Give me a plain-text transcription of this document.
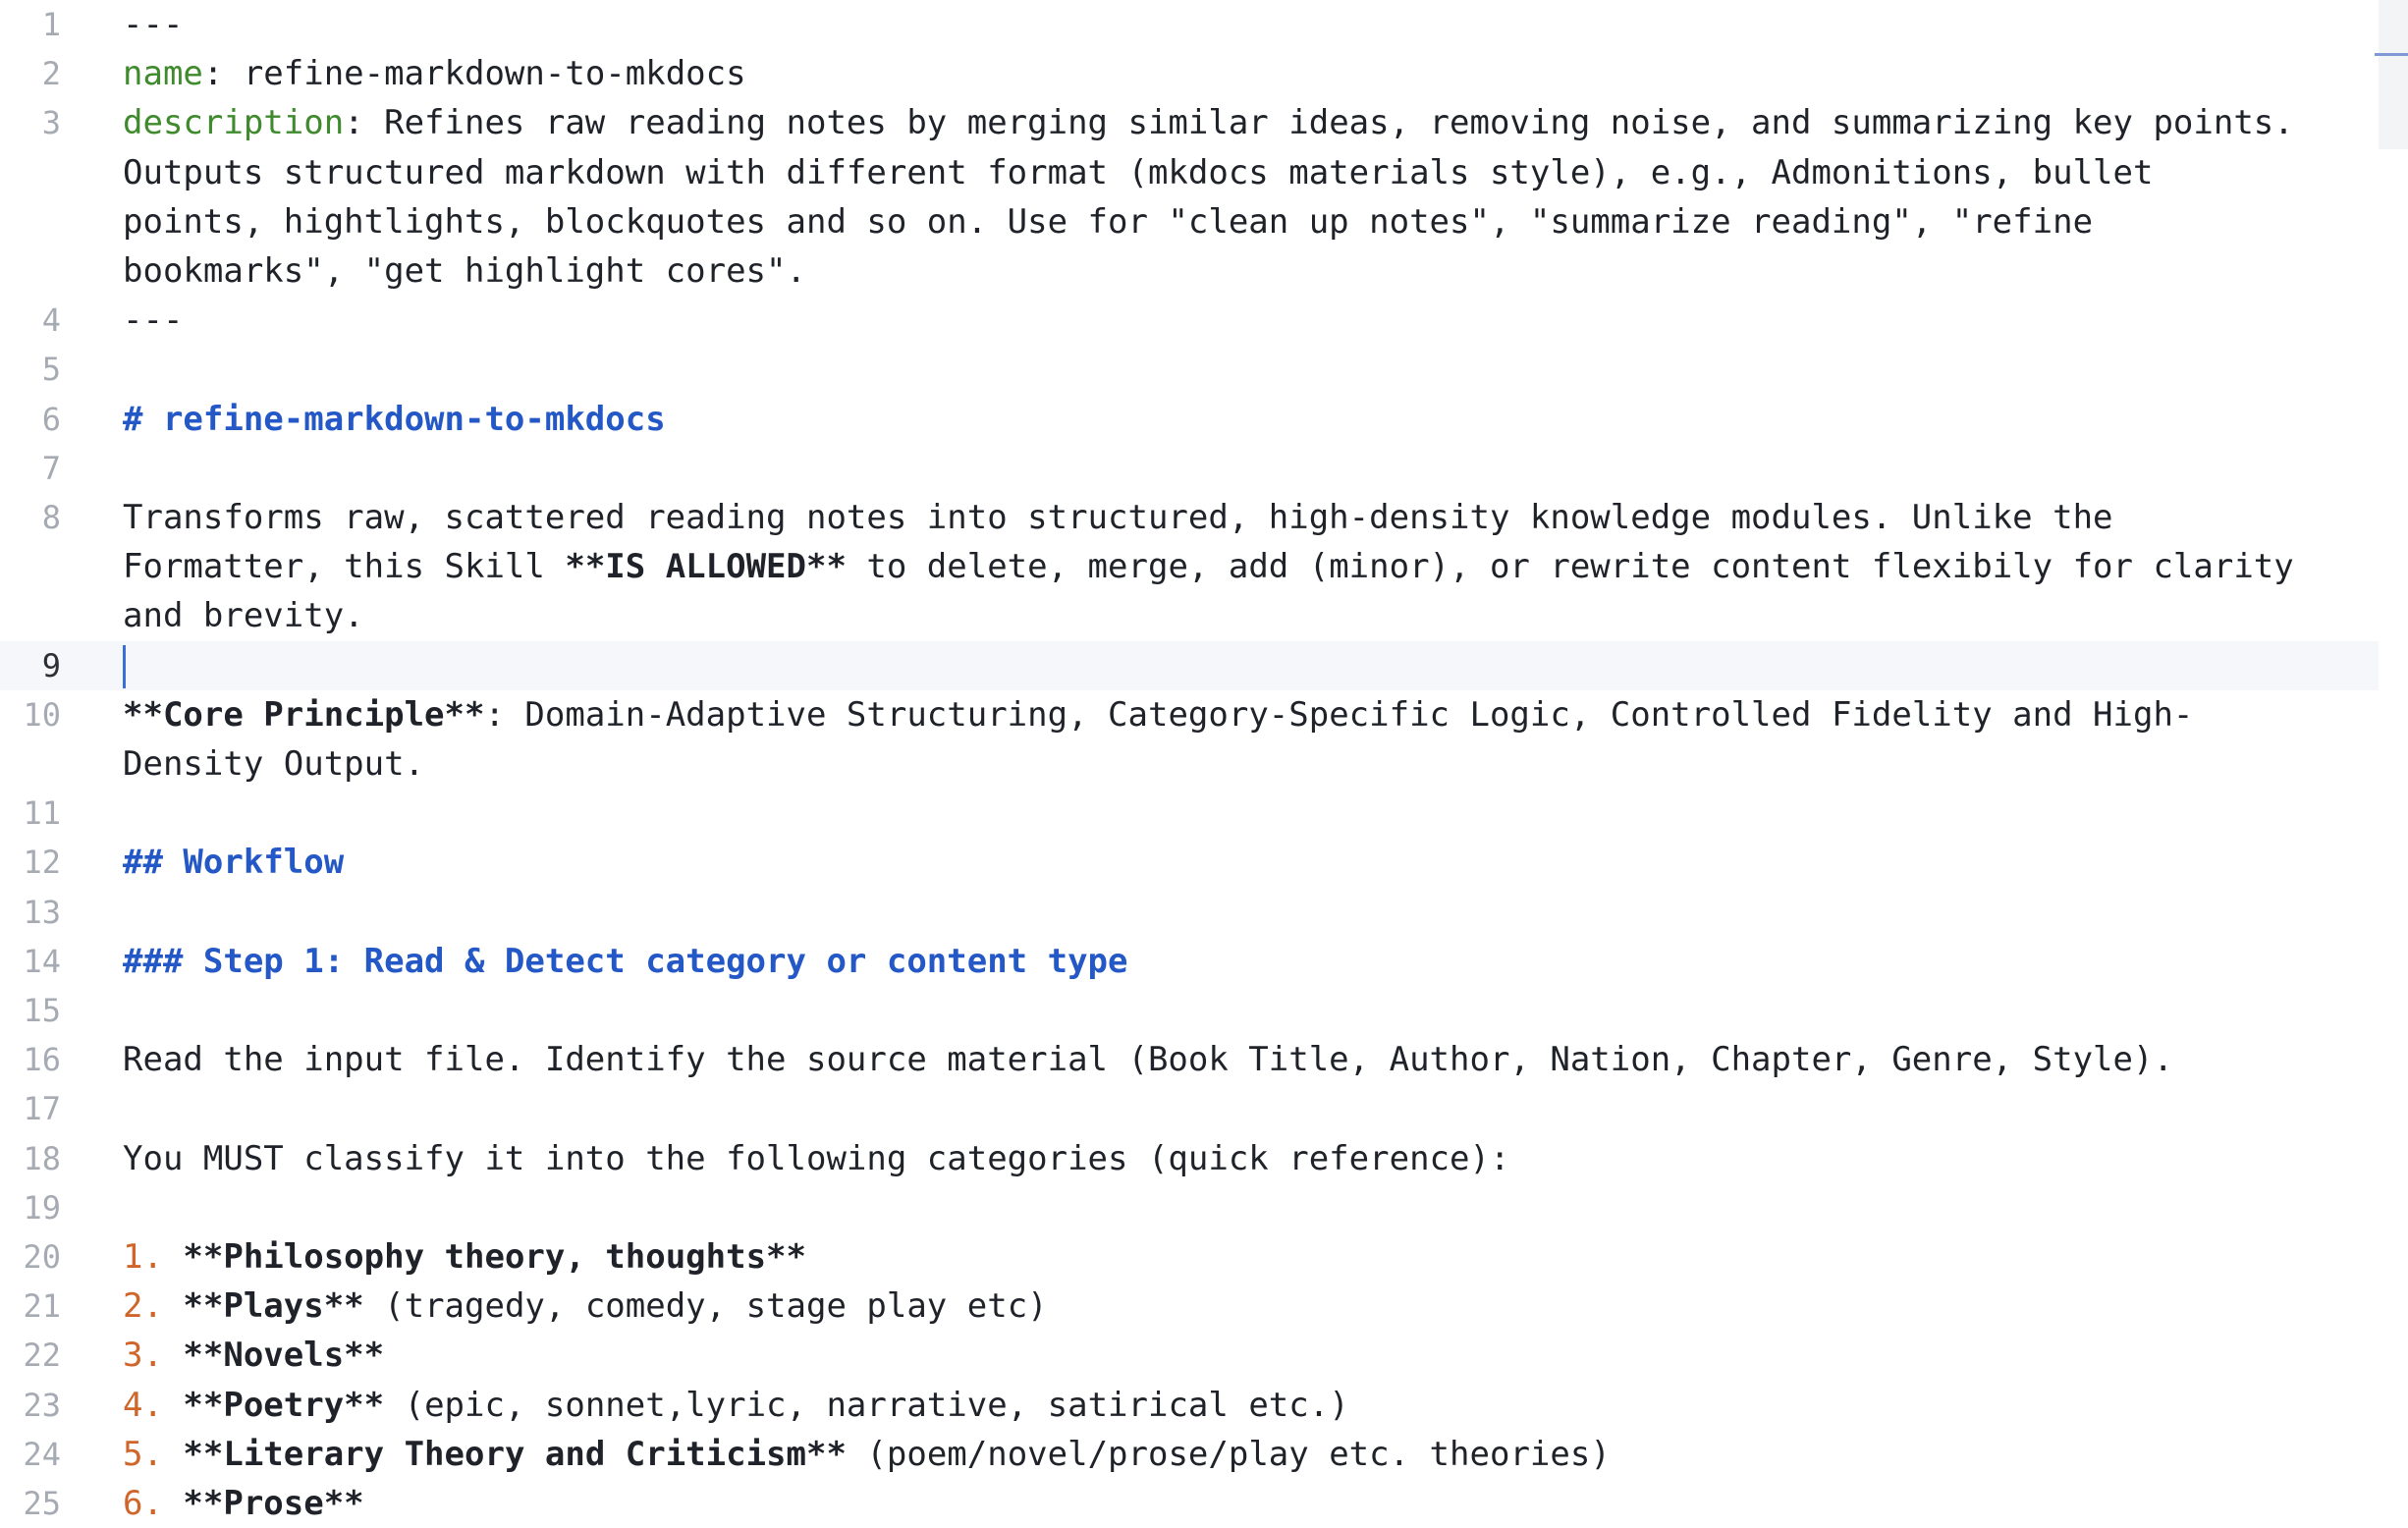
1 ---
2 name: refine-markdown-to-mkdocs
3 description: Refines raw reading notes by merging similar ideas, removing noise, and summarizing key points. Outputs structured markdown with different format (mkdocs materials style), e.g., Admonitions, bullet points, hightlights, blockquotes and so on. Use for "clean up notes", "summarize reading", "refine bookmarks", "get highlight cores".
4 ---
5
6 # refine-markdown-to-mkdocs
7
8 Transforms raw, scattered reading notes into structured, high-density knowledge modules. Unlike the Formatter, this Skill **IS ALLOWED** to delete, merge, add (minor), or rewrite content flexibily for clarity and brevity.
9
10 **Core Principle**: Domain-Adaptive Structuring, Category-Specific Logic, Controlled Fidelity and High-Density Output.
11
12 ## Workflow
13
14 ### Step 1: Read & Detect category or content type
15
16 Read the input file. Identify the source material (Book Title, Author, Nation, Chapter, Genre, Style).
17
18 You MUST classify it into the following categories (quick reference):
19
20 1. **Philosophy theory, thoughts**
21 2. **Plays** (tragedy, comedy, stage play etc)
22 3. **Novels**
23 4. **Poetry** (epic, sonnet,lyric, narrative, satirical etc.)
24 5. **Literary Theory and Criticism** (poem/novel/prose/play etc. theories)
25 6. **Prose**
